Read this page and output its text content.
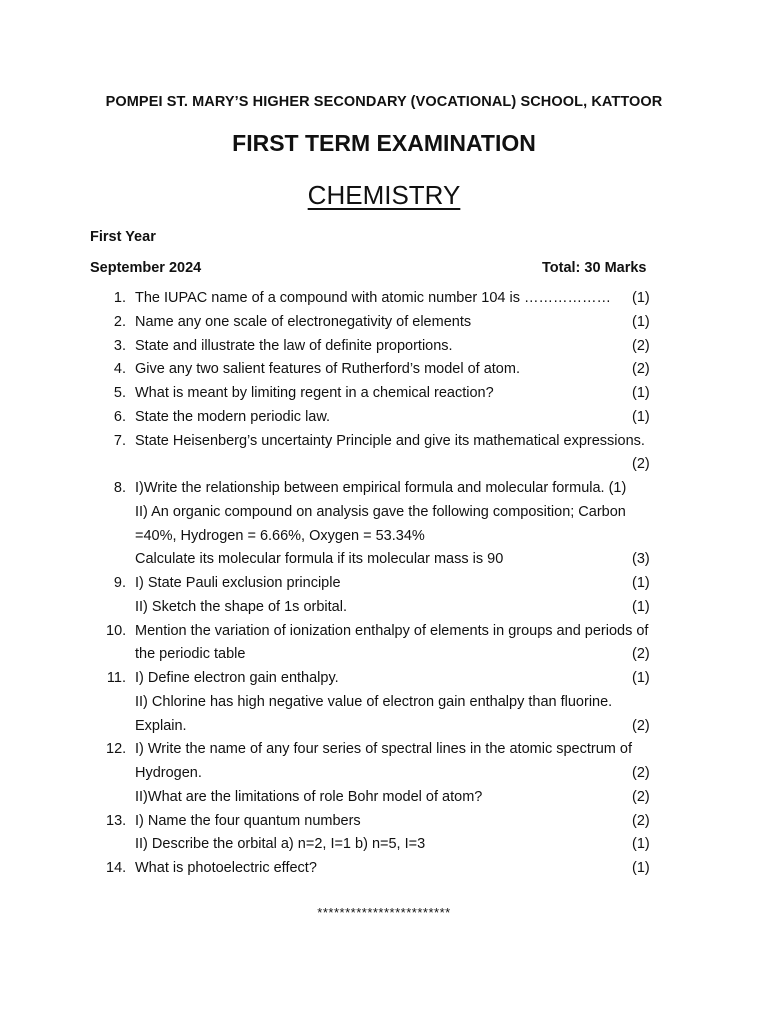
POMPEI ST. MARY’S HIGHER SECONDARY (VOCATIONAL) SCHOOL, KATTOOR
FIRST TERM EXAMINATION
CHEMISTRY
First Year
September 2024	Total: 30 Marks
1. The IUPAC name of a compound with atomic number 104 is ……………… (1)
2. Name any one scale of electronegativity of elements	(1)
3. State and illustrate the law of definite proportions.	(2)
4. Give any two salient features of Rutherford’s model of atom.	(2)
5. What is meant by limiting regent in a chemical reaction?	(1)
6. State the modern periodic law.	(1)
7. State Heisenberg’s uncertainty Principle and give its mathematical expressions.
(2)
8. I)Write the relationship between empirical formula and molecular formula. (1)
II) An organic compound on analysis gave the following composition; Carbon
=40%, Hydrogen = 6.66%, Oxygen = 53.34%
Calculate its molecular formula if its molecular mass is 90	(3)
9. I) State Pauli exclusion principle	(1)
II) Sketch the shape of 1s orbital.	(1)
10. Mention the variation of ionization enthalpy of elements in groups and periods of
the periodic table	(2)
11. I) Define electron gain enthalpy.	(1)
II) Chlorine has high negative value of electron gain enthalpy than fluorine.
Explain.	(2)
12. I) Write the name of any four series of spectral lines in the atomic spectrum of
Hydrogen.	(2)
II)What are the limitations of role Bohr model of atom?	(2)
13. I) Name the four quantum numbers	(2)
II) Describe the orbital a) n=2, I=1 b) n=5, I=3	(1)
14. What is photoelectric effect?	(1)
************************
